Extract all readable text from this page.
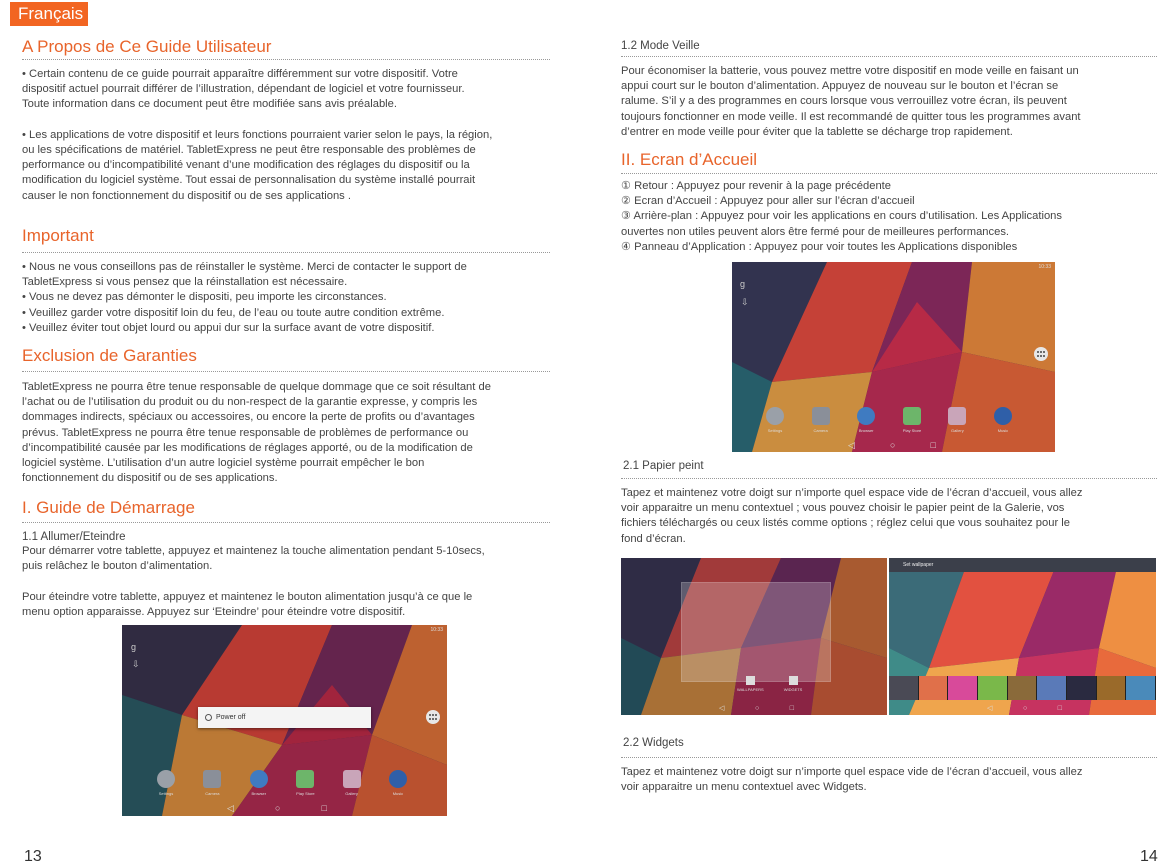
Français
A Propos de Ce Guide Utilisateur
• Certain contenu de ce guide pourrait apparaître différemment sur votre dispositif. Votre
dispositif actuel pourrait différer de l’illustration, dépendant de logiciel et votre fournisseur.
Toute information dans ce document peut être modifiée sans avis préalable.
• Les applications de votre dispositif et leurs fonctions pourraient varier selon le pays, la région,
ou les spécifications de matériel. TabletExpress ne peut être responsable des problèmes de
performance ou d’incompatibilité venant d’une modification des réglages du dispositif ou la
modification du logiciel système. Tout essai de personnalisation du système installé pourrait
causer le non fonctionnement du dispositif ou de ses applications .
Important
• Nous ne vous conseillons pas de réinstaller le système. Merci de contacter le support de
TabletExpress si vous pensez que la réinstallation est nécessaire.
• Vous ne devez pas démonter le dispositi, peu importe les circonstances.
• Veuillez garder votre dispositif loin du feu, de l’eau ou toute autre condition extrême.
• Veuillez éviter tout objet lourd ou appui dur sur la surface avant de votre dispositif.
Exclusion de Garanties
TabletExpress ne pourra être tenue responsable de quelque dommage que ce soit résultant de
l’achat ou de l’utilisation du produit ou du non-respect de la garantie expresse, y compris les
dommages indirects, spéciaux ou accessoires, ou encore la perte de profits ou d’avantages
prévus. TabletExpress ne pourra être tenue responsable de problèmes de performance ou
d’incompatibilité causée par les modifications de réglages apporté, ou de la modification de
logiciel système. L’utilisation d’un autre logiciel système pourrait empêcher le bon
fonctionnement du dispositif ou de ses applications.
I. Guide de Démarrage
1.1 Allumer/Eteindre
Pour démarrer votre tablette, appuyez et maintenez la touche alimentation pendant 5-10secs,
puis relâchez le bouton d’alimentation.
Pour éteindre votre tablette, appuyez et maintenez le bouton alimentation jusqu’à ce que le
menu option apparaisse. Appuyez sur ‘Eteindre’ pour éteindre votre dispositif.
10:33
g
⇩
Power off
Settings	Camera	Browser	Play Store	Gallery	Music
◁	○	□
13
1.2 Mode Veille
Pour économiser la batterie, vous pouvez mettre votre dispositif en mode veille en faisant un
appui court sur le bouton d’alimentation. Appuyez de nouveau sur le bouton et l’écran se
ralume. S’il y a des programmes en cours lorsque vous verrouillez votre écran, ils peuvent
toujours fonctionner en mode veille. Il est recommandé de quitter tous les programmes avant
d’entrer en mode veille pour éviter que la tablette se décharge trop rapidement.
II. Ecran d’Accueil
① Retour : Appuyez pour revenir à la page précédente
② Ecran d’Accueil : Appuyez pour aller sur l’écran d’accueil
③ Arrière-plan : Appuyez pour voir les applications en cours d’utilisation. Les Applications
ouvertes non utiles peuvent alors être fermé pour de meilleures performances.
④ Panneau d’Application : Appuyez pour voir toutes les Applications disponibles
2.1 Papier peint
Tapez et maintenez votre doigt sur n’importe quel espace vide de l’écran d’accueil, vous allez
voir apparaitre un menu contextuel ; vous pouvez choisir le papier peint de la Galerie, vos
fichiers téléchargés ou ceux listés comme options ; réglez celui que vous souhaitez pour le
fond d’écran.
2.2 Widgets
Tapez et maintenez votre doigt sur n’importe quel espace vide de l’écran d’accueil, vous allez
voir apparaitre un menu contextuel avec Widgets.
10:33
g
⇩
Settings	Camera	Browser	Play Store	Gallery	Music
◁	○	□
WALLPAPERS	WIDGETS
◁	○	□
Set wallpaper
◁	○	□
14
